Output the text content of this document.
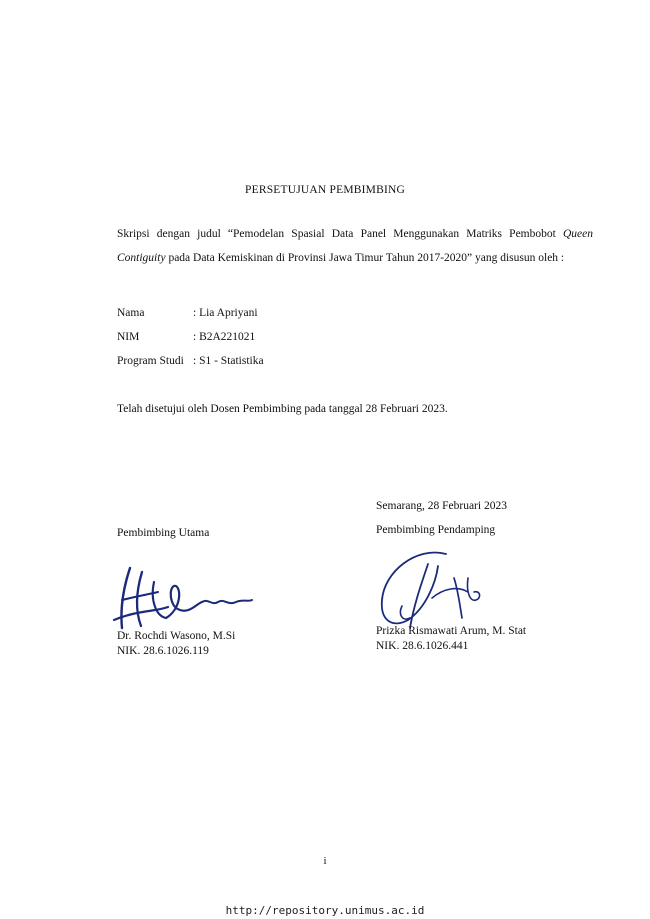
PERSETUJUAN PEMBIMBING
Skripsi dengan judul “Pemodelan Spasial Data Panel Menggunakan Matriks Pembobot Queen Contiguity pada Data Kemiskinan di Provinsi Jawa Timur Tahun 2017-2020” yang disusun oleh :
Nama	: Lia Apriyani
NIM	: B2A221021
Program Studi : S1 - Statistika
Telah disetujui oleh Dosen Pembimbing pada tanggal 28 Februari 2023.
Semarang, 28 Februari 2023
Pembimbing Utama	Pembimbing Pendamping
Dr. Rochdi Wasono, M.Si
NIK. 28.6.1026.119
Prizka Rismawati Arum, M. Stat
NIK. 28.6.1026.441
i
http://repository.unimus.ac.id
